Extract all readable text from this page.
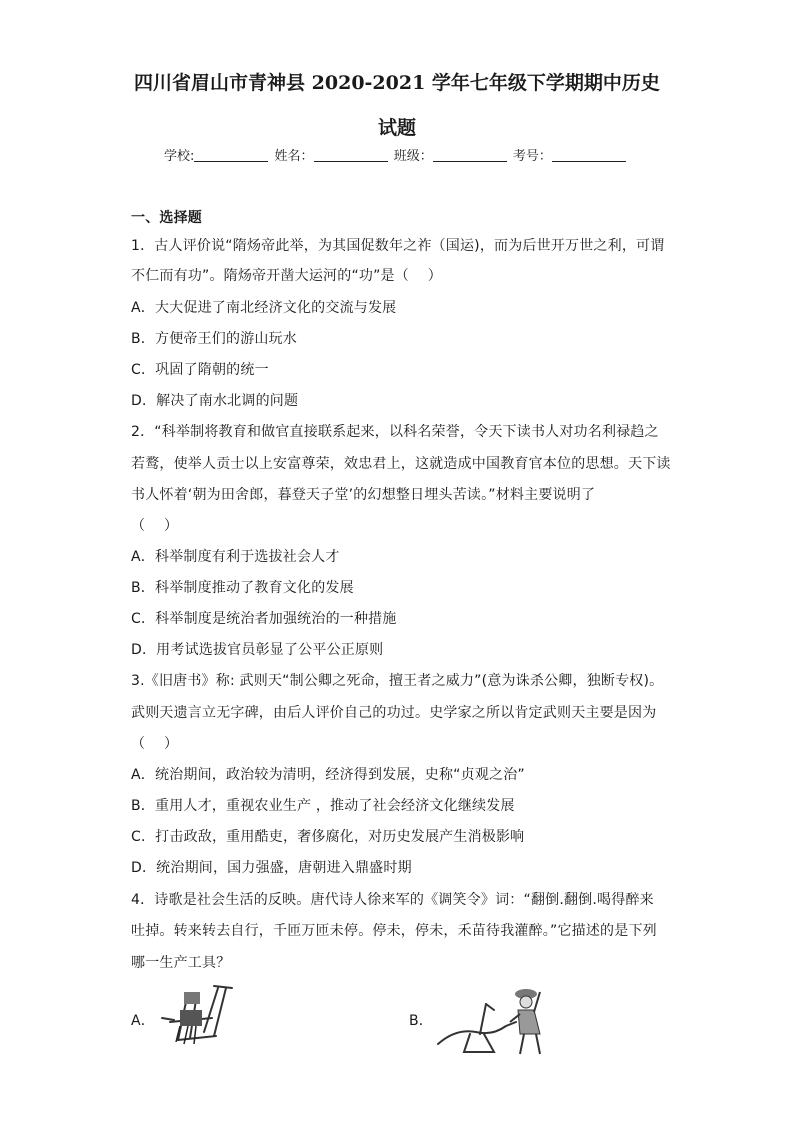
四川省眉山市青神县 2020-2021 学年七年级下学期期中历史
试题
学校:	姓名：	班级：	考号：
一、选择题
1．古人评价说“隋炀帝此举，为其国促数年之祚（国运)，而为后世开万世之利，可谓
不仁而有功”。隋炀帝开凿大运河的“功”是（　 ）
A．大大促进了南北经济文化的交流与发展
B．方便帝王们的游山玩水
C．巩固了隋朝的统一
D．解决了南水北调的问题
2．“科举制将教育和做官直接联系起来，以科名荣誉，令天下读书人对功名利禄趋之
若鹜，使举人贡士以上安富尊荣，效忠君上，这就造成中国教育官本位的思想。天下读
书人怀着‘朝为田舍郎，暮登天子堂’的幻想整日埋头苦读。”材料主要说明了
（　 ）
A．科举制度有利于选拔社会人才
B．科举制度推动了教育文化的发展
C．科举制度是统治者加强统治的一种措施
D．用考试选拔官员彰显了公平公正原则
3.《旧唐书》称: 武则天“制公卿之死命，擅王者之威力”(意为诛杀公卿，独断专权)。
武则天遗言立无字碑，由后人评价自己的功过。史学家之所以肯定武则天主要是因为
（　 ）
A．统治期间，政治较为清明，经济得到发展，史称“贞观之治”
B．重用人才，重视农业生产 ，推动了社会经济文化继续发展
C．打击政敌，重用酷吏，奢侈腐化，对历史发展产生消极影响
D．统治期间，国力强盛，唐朝进入鼎盛时期
4．诗歌是社会生活的反映。唐代诗人徐来军的《调笑令》词：“翻倒.翻倒.喝得醉来
吐掉。转来转去自行，千匝万匝未停。停未，停未，禾苗待我灌醉。”它描述的是下列
哪一生产工具？
A．	B．
